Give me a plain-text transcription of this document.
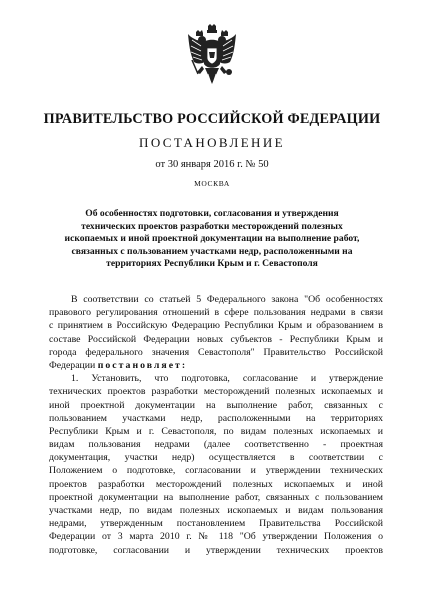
ПРАВИТЕЛЬСТВО РОССИЙСКОЙ ФЕДЕРАЦИИ
ПОСТАНОВЛЕНИЕ
от 30 января 2016 г. № 50
МОСКВА
Об особенностях подготовки, согласования и утверждения
технических проектов разработки месторождений полезных
ископаемых и иной проектной документации на выполнение работ,
связанных с пользованием участками недр, расположенными на
территориях Республики Крым и г. Севастополя
В соответствии со статьей 5 Федерального закона "Об особенностях
правового регулирования отношений в сфере пользования недрами в связи
с принятием в Российскую Федерацию Республики Крым и образованием в
составе Российской Федерации новых субъектов - Республики Крым и
города федерального значения Севастополя" Правительство Российской
Федерации постановляет:
1. Установить, что подготовка, согласование и утверждение
технических проектов разработки месторождений полезных ископаемых и
иной проектной документации на выполнение работ, связанных с
пользованием участками недр, расположенными на территориях
Республики Крым и г. Севастополя, по видам полезных ископаемых и
видам пользования недрами (далее соответственно - проектная
документация, участки недр) осуществляется в соответствии с
Положением о подготовке, согласовании и утверждении технических
проектов разработки месторождений полезных ископаемых и иной
проектной документации на выполнение работ, связанных с пользованием
участками недр, по видам полезных ископаемых и видам пользования
недрами, утвержденным постановлением Правительства Российской
Федерации от 3 марта 2010 г. № 118 "Об утверждении Положения о
подготовке, согласовании и утверждении технических проектов
